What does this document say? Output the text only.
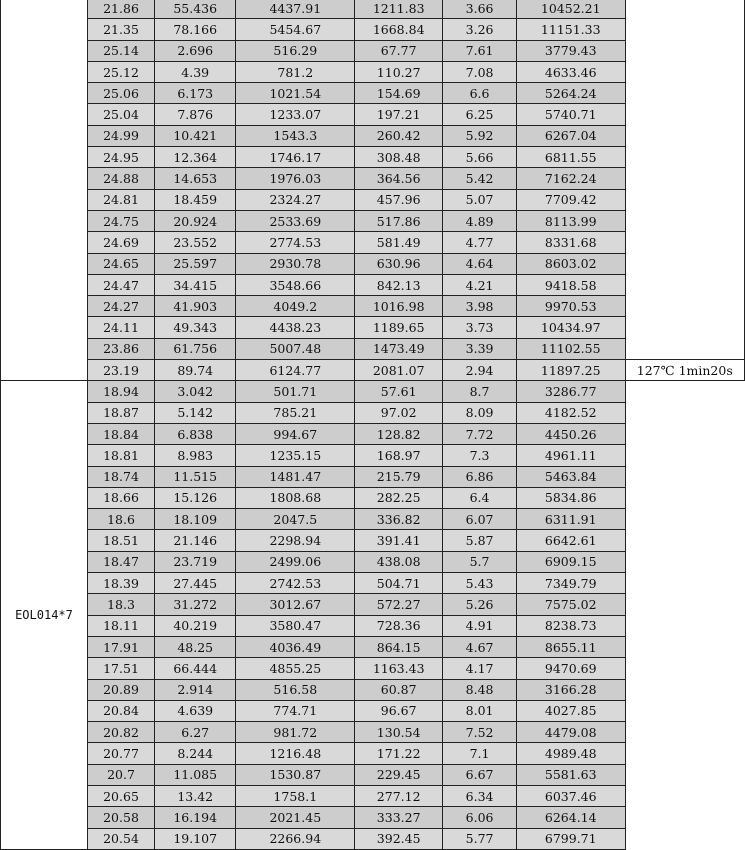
	21.86	55.436	4437.91	1211.83	3.66	10452.21	
	21.35	78.166	5454.67	1668.84	3.26	11151.33	
	25.14	2.696	516.29	67.77	7.61	3779.43	
	25.12	4.39	781.2	110.27	7.08	4633.46	
	25.06	6.173	1021.54	154.69	6.6	5264.24	
	25.04	7.876	1233.07	197.21	6.25	5740.71	
	24.99	10.421	1543.3	260.42	5.92	6267.04	
	24.95	12.364	1746.17	308.48	5.66	6811.55	
	24.88	14.653	1976.03	364.56	5.42	7162.24	
	24.81	18.459	2324.27	457.96	5.07	7709.42	
	24.75	20.924	2533.69	517.86	4.89	8113.99	
	24.69	23.552	2774.53	581.49	4.77	8331.68	
	24.65	25.597	2930.78	630.96	4.64	8603.02	
	24.47	34.415	3548.66	842.13	4.21	9418.58	
	24.27	41.903	4049.2	1016.98	3.98	9970.53	
	24.11	49.343	4438.23	1189.65	3.73	10434.97	
	23.86	61.756	5007.48	1473.49	3.39	11102.55	
	23.19	89.74	6124.77	2081.07	2.94	11897.25	127℃ 1min20s
EOL014*7	18.94	3.042	501.71	57.61	8.7	3286.77	
	18.87	5.142	785.21	97.02	8.09	4182.52	
	18.84	6.838	994.67	128.82	7.72	4450.26	
	18.81	8.983	1235.15	168.97	7.3	4961.11	
	18.74	11.515	1481.47	215.79	6.86	5463.84	
	18.66	15.126	1808.68	282.25	6.4	5834.86	
	18.6	18.109	2047.5	336.82	6.07	6311.91	
	18.51	21.146	2298.94	391.41	5.87	6642.61	
	18.47	23.719	2499.06	438.08	5.7	6909.15	
	18.39	27.445	2742.53	504.71	5.43	7349.79	
	18.3	31.272	3012.67	572.27	5.26	7575.02	
	18.11	40.219	3580.47	728.36	4.91	8238.73	
	17.91	48.25	4036.49	864.15	4.67	8655.11	
	17.51	66.444	4855.25	1163.43	4.17	9470.69	
	20.89	2.914	516.58	60.87	8.48	3166.28	
	20.84	4.639	774.71	96.67	8.01	4027.85	
	20.82	6.27	981.72	130.54	7.52	4479.08	
	20.77	8.244	1216.48	171.22	7.1	4989.48	
	20.7	11.085	1530.87	229.45	6.67	5581.63	
	20.65	13.42	1758.1	277.12	6.34	6037.46	
	20.58	16.194	2021.45	333.27	6.06	6264.14	
	20.54	19.107	2266.94	392.45	5.77	6799.71	
